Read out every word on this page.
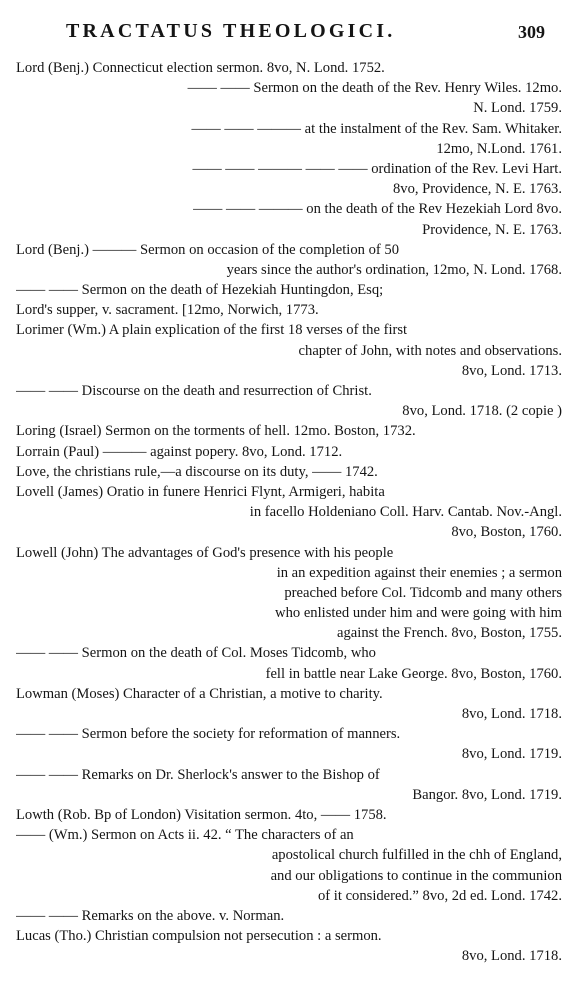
TRACTATUS THEOLOGICI.	309
Lord (Benj.) Connecticut election sermon. 8vo, N. Lond. 1752.
—— —— Sermon on the death of the Rev. Henry Wiles. 12mo.
N. Lond. 1759.
—— —— ——— at the instalment of the Rev. Sam. Whitaker.
12mo, N.Lond. 1761.
—— —— ——— —— —— ordination of the Rev. Levi Hart.
8vo, Providence, N. E. 1763.
—— —— ——— on the death of the Rev Hezekiah Lord 8vo.
Providence, N. E. 1763.
Lord (Benj.) ——— Sermon on occasion of the completion of 50
years since the author's ordination, 12mo, N. Lond. 1768.
—— —— Sermon on the death of Hezekiah Huntingdon, Esq;
Lord's supper, v. sacrament. [12mo, Norwich, 1773.
Lorimer (Wm.) A plain explication of the first 18 verses of the first
chapter of John, with notes and observations.
8vo, Lond. 1713.
—— —— Discourse on the death and resurrection of Christ.
8vo, Lond. 1718. (2 copie )
Loring (Israel) Sermon on the torments of hell. 12mo. Boston, 1732.
Lorrain (Paul) ——— against popery. 8vo, Lond. 1712.
Love, the christians rule,—a discourse on its duty, —— 1742.
Lovell (James) Oratio in funere Henrici Flynt, Armigeri, habita
in facello Holdeniano Coll. Harv. Cantab. Nov.-Angl.
8vo, Boston, 1760.
Lowell (John) The advantages of God's presence with his people
in an expedition against their enemies ; a sermon
preached before Col. Tidcomb and many others
who enlisted under him and were going with him
against the French. 8vo, Boston, 1755.
—— —— Sermon on the death of Col. Moses Tidcomb, who
fell in battle near Lake George. 8vo, Boston, 1760.
Lowman (Moses) Character of a Christian, a motive to charity.
8vo, Lond. 1718.
—— —— Sermon before the society for reformation of manners.
8vo, Lond. 1719.
—— —— Remarks on Dr. Sherlock's answer to the Bishop of
Bangor. 8vo, Lond. 1719.
Lowth (Rob. Bp of London) Visitation sermon. 4to, —— 1758.
—— (Wm.) Sermon on Acts ii. 42. “ The characters of an
apostolical church fulfilled in the chh of England,
and our obligations to continue in the communion
of it considered.” 8vo, 2d ed. Lond. 1742.
—— —— Remarks on the above. v. Norman.
Lucas (Tho.) Christian compulsion not persecution : a sermon.
8vo, Lond. 1718.
